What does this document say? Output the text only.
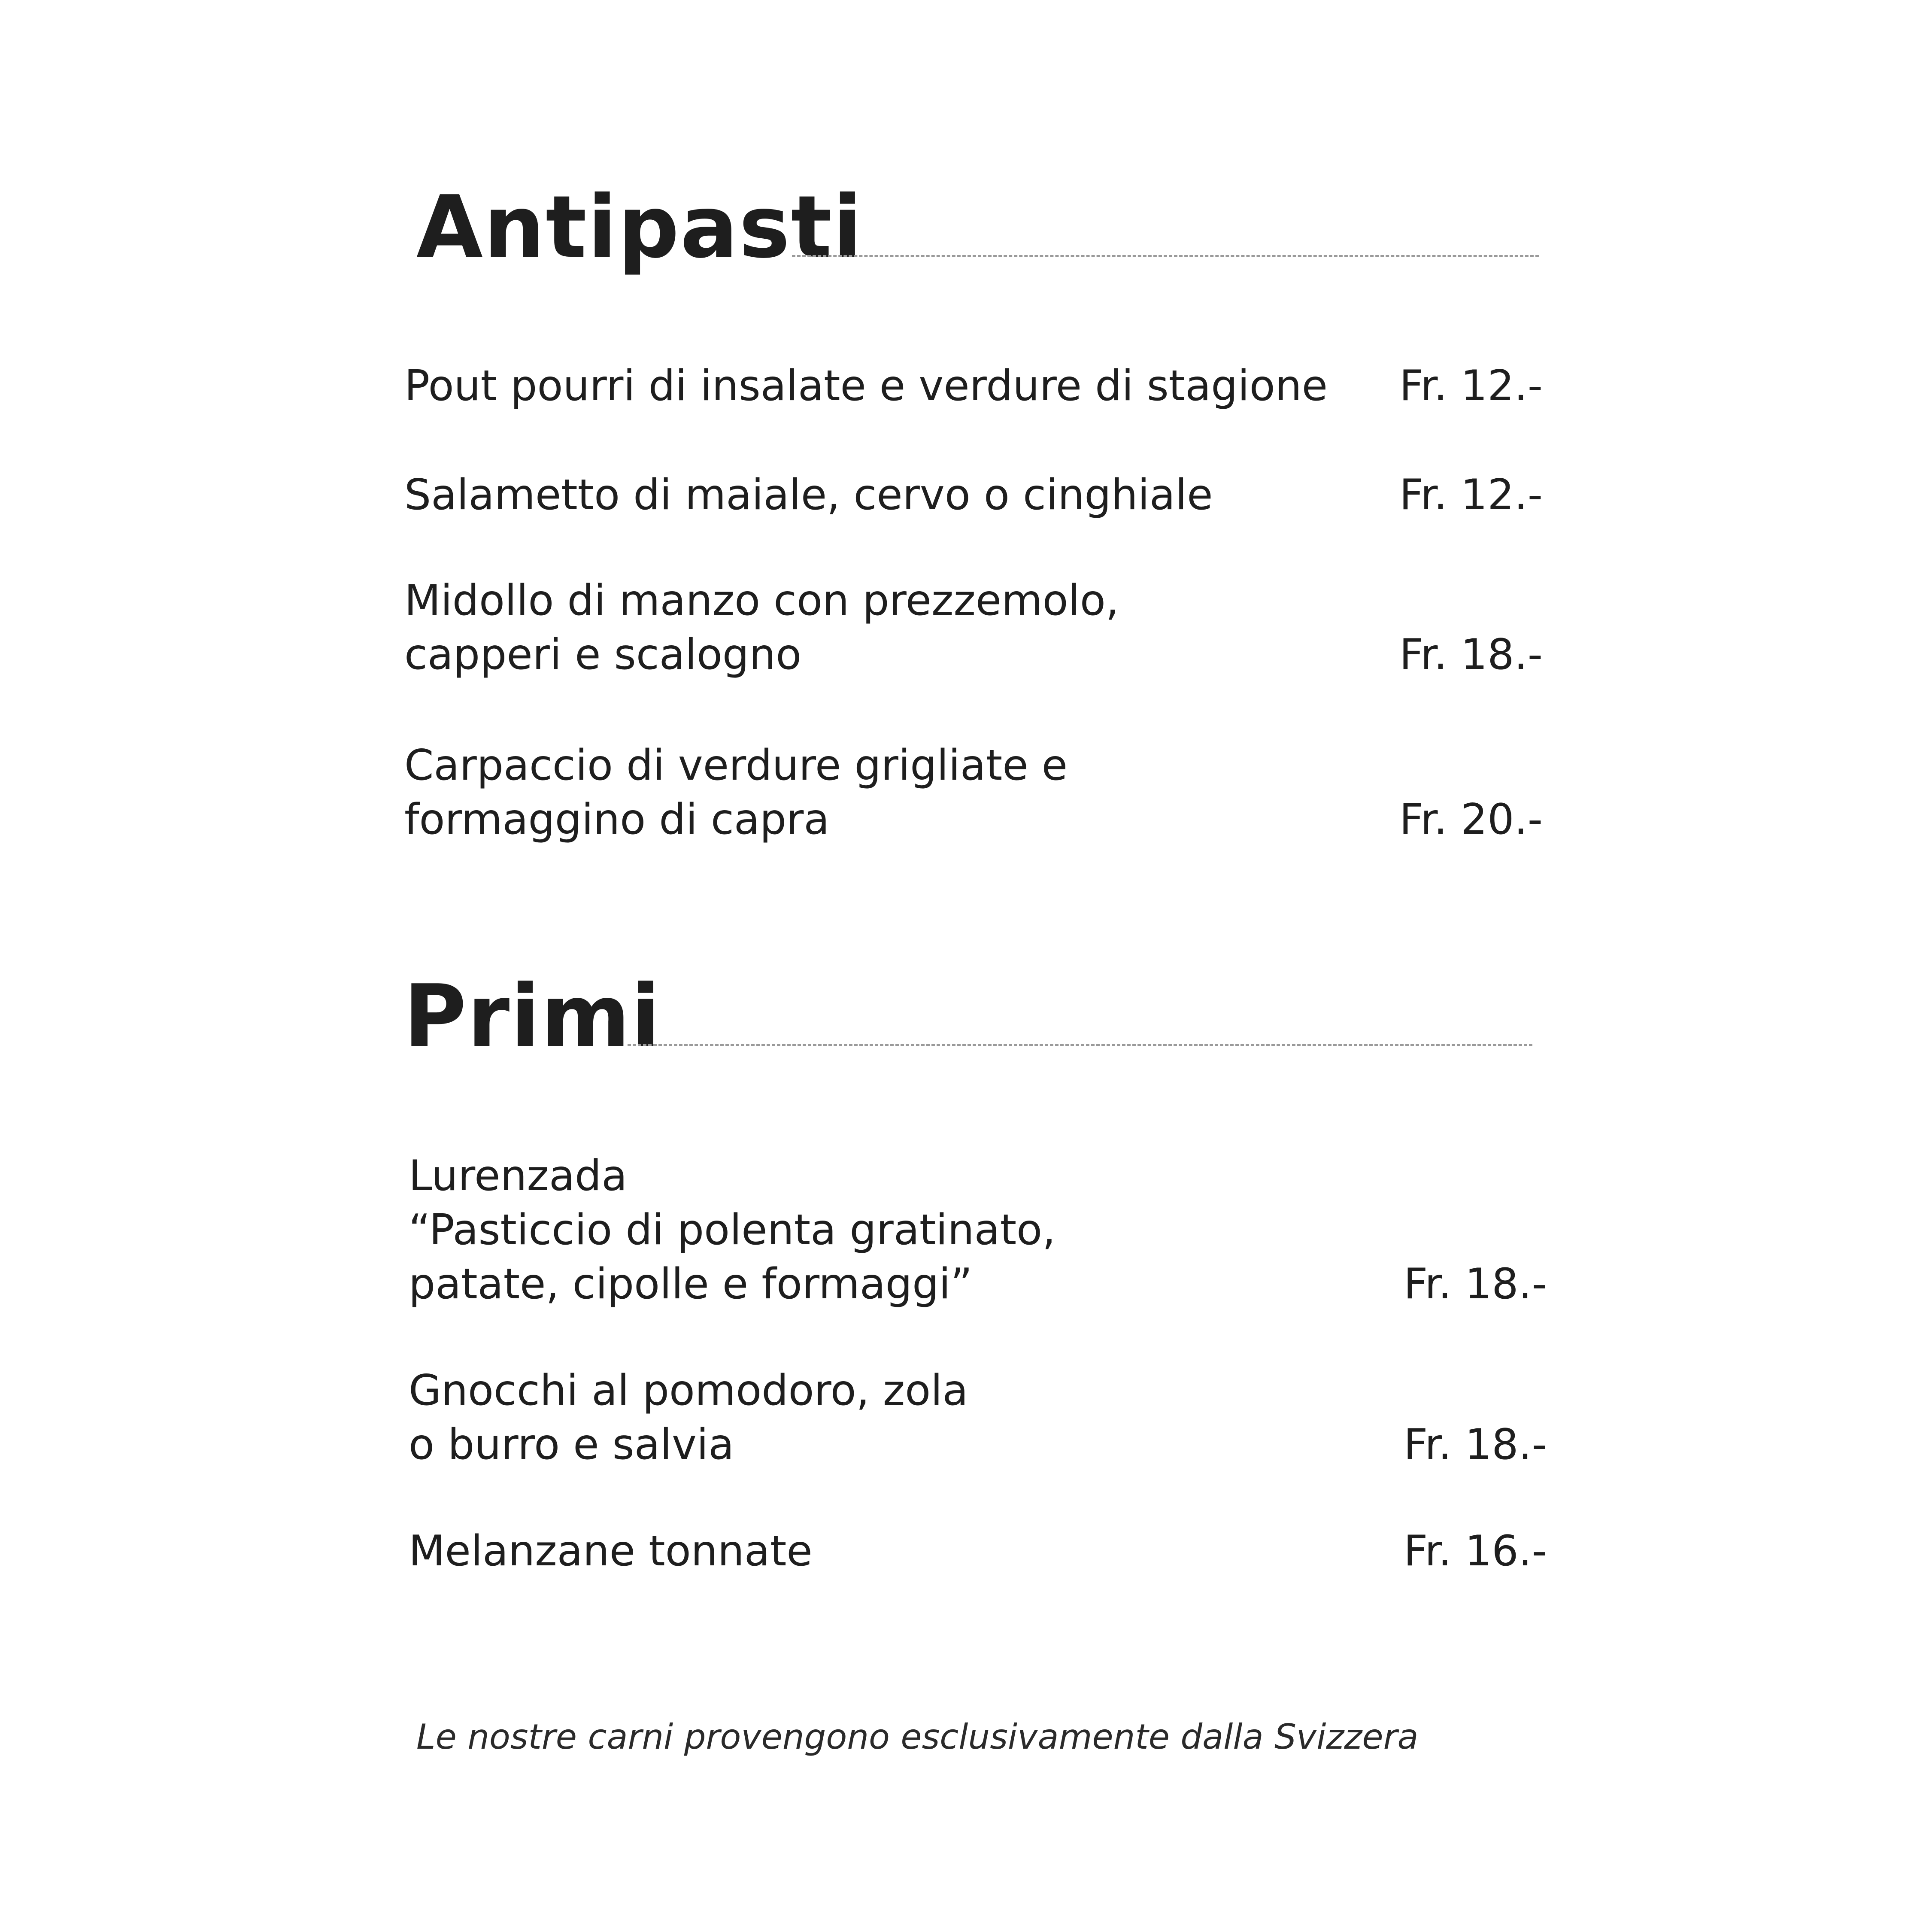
Antipasti
Pout pourri di insalate e verdure di stagione Fr. 12.-
Salametto di maiale, cervo o cinghiale	Fr. 12.-
Midollo di manzo con prezzemolo,
capperi e scalogno	Fr. 18.-
Carpaccio di verdure grigliate e
formaggino di capra	Fr. 20.-
Primi
Lurenzada
“Pasticcio di polenta gratinato,
patate, cipolle e formaggi”	Fr. 18.-
Gnocchi al pomodoro, zola
o burro e salvia	Fr. 18.-
Melanzane tonnate	Fr. 16.-
Le nostre carni provengono esclusivamente dalla Svizzera
